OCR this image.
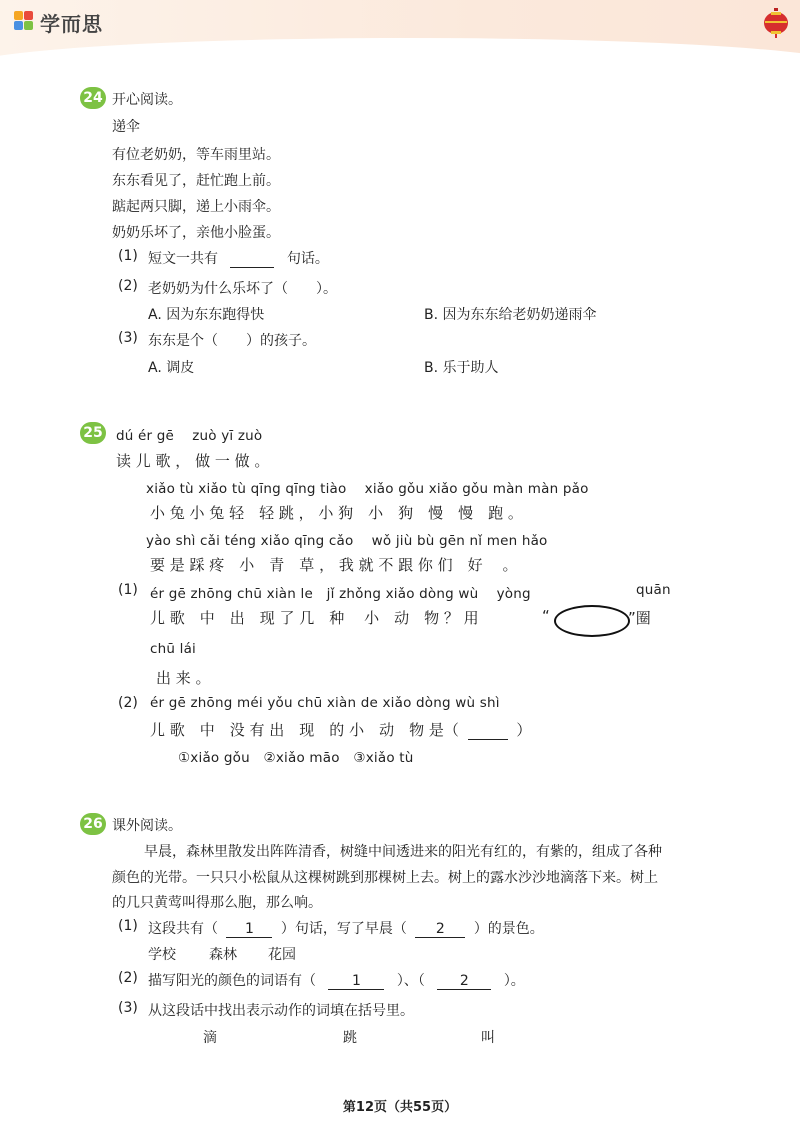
学而思
24 开心阅读。
递伞
有位老奶奶，等车雨里站。
东东看见了，赶忙跑上前。
踮起两只脚，递上小雨伞。
奶奶乐坏了，亲他小脸蛋。
(1) 短文一共有	句话。
(2) 老奶奶为什么乐坏了（　　）。
A. 因为东东跑得快	B. 因为东东给老奶奶递雨伞
(3) 东东是个（　　）的孩子。
A. 调皮	B. 乐于助人
25 dú ér gē　 zuò yī zuò
读 儿 歌 ， 做 一 做 。
xiǎo tù xiǎo tù qīng qīng tiào　 xiǎo gǒu xiǎo gǒu màn màn pǎo
小 兔 小 兔 轻　轻 跳 ， 小 狗　小　狗　慢　慢　跑 。
yào shì cǎi téng xiǎo qīng cǎo　 wǒ jiù bù gēn nǐ men hǎo
要 是 踩 疼　小　青　草 ， 我 就 不 跟 你 们　好 　。
(1) ér gē zhōng chū xiàn le　jǐ zhǒng xiǎo dòng wù　 yòng	quān
儿 歌　中　出　现 了 几　种　 小　动　物 ？ 用	“	”圈
chū lái
出 来 。
(2) ér gē zhōng méi yǒu chū xiàn de xiǎo dòng wù shì
儿 歌　中　没 有 出　现　的 小　动　物 是（	）
①xiǎo gǒu　②xiǎo māo　③xiǎo tù
26 课外阅读。
早晨，森林里散发出阵阵清香，树缝中间透进来的阳光有红的，有紫的，组成了各种
颜色的光带。一只只小松鼠从这棵树跳到那棵树上去。树上的露水沙沙地滴落下来。树上
的几只黄莺叫得那么胞，那么响。
(1) 这段共有（ 1 ）句话，写了早晨（ 2 ）的景色。
学校 森林 花园
(2) 描写阳光的颜色的词语有（	1	）、（ 2	）。
(3) 从这段话中找出表示动作的词填在括号里。
滴	跳	叫
第12页（共55页）
